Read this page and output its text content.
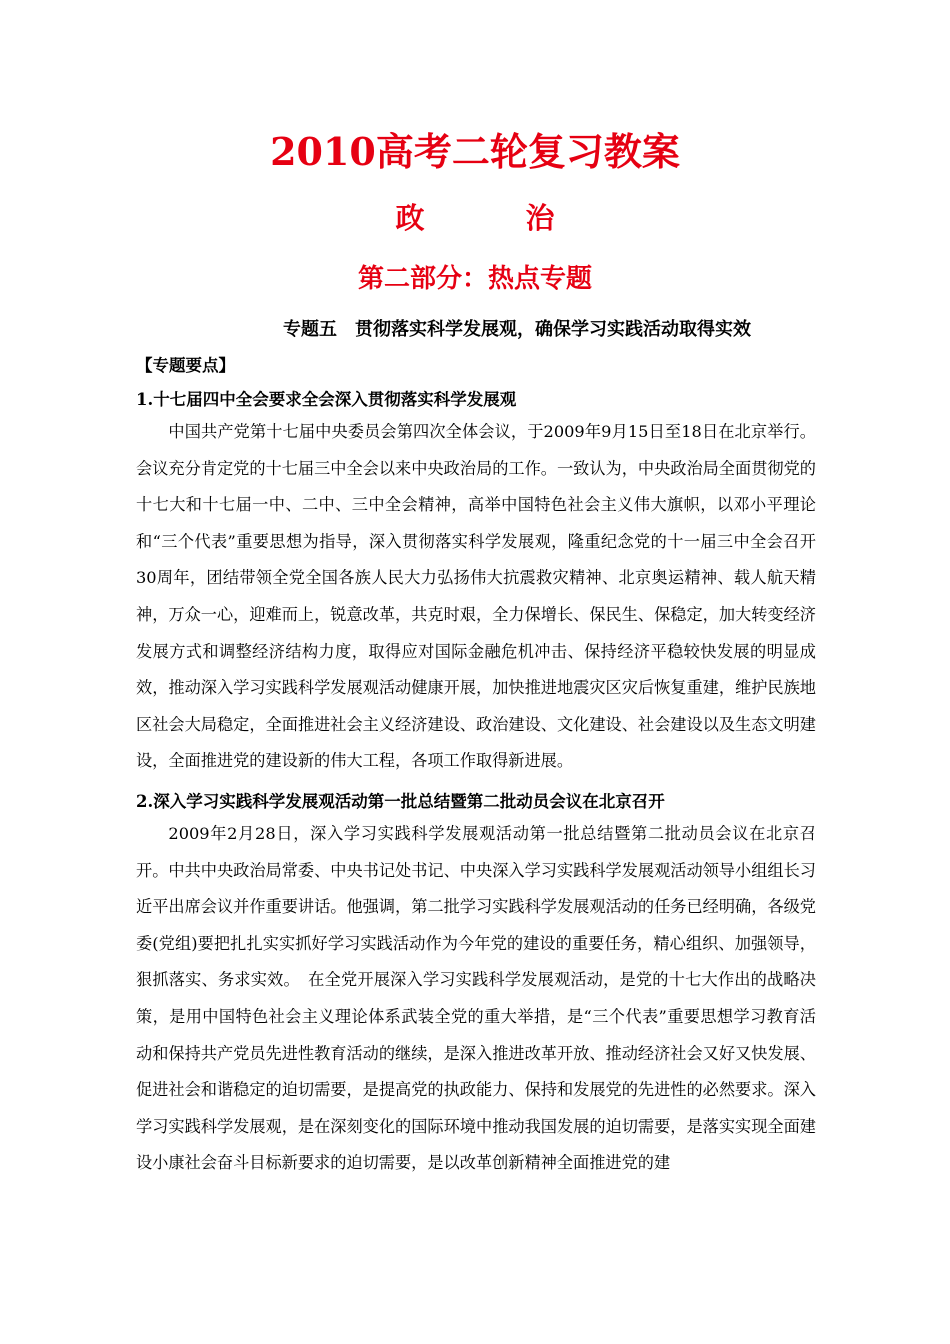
2010高考二轮复习教案
政　治
第二部分：热点专题
专题五　贯彻落实科学发展观，确保学习实践活动取得实效
【专题要点】
1.十七届四中全会要求全会深入贯彻落实科学发展观

中国共产党第十七届中央委员会第四次全体会议，于2009年9月15日至18日在北京举行。会议充分肯定党的十七届三中全会以来中央政治局的工作。一致认为，中央政治局全面贯彻党的十七大和十七届一中、二中、三中全会精神，高举中国特色社会主义伟大旗帜，以邓小平理论和“三个代表”重要思想为指导，深入贯彻落实科学发展观，隆重纪念党的十一届三中全会召开30周年，团结带领全党全国各族人民大力弘扬伟大抗震救灾精神、北京奥运精神、载人航天精神，万众一心，迎难而上，锐意改革，共克时艰，全力保增长、保民生、保稳定，加大转变经济发展方式和调整经济结构力度，取得应对国际金融危机冲击、保持经济平稳较快发展的明显成效，推动深入学习实践科学发展观活动健康开展，加快推进地震灾区灾后恢复重建，维护民族地区社会大局稳定，全面推进社会主义经济建设、政治建设、文化建设、社会建设以及生态文明建设，全面推进党的建设新的伟大工程，各项工作取得新进展。

2.深入学习实践科学发展观活动第一批总结暨第二批动员会议在北京召开

2009年2月28日，深入学习实践科学发展观活动第一批总结暨第二批动员会议在北京召开。中共中央政治局常委、中央书记处书记、中央深入学习实践科学发展观活动领导小组组长习近平出席会议并作重要讲话。他强调，第二批学习实践科学发展观活动的任务已经明确，各级党委(党组)要把扎扎实实抓好学习实践活动作为今年党的建设的重要任务，精心组织、加强领导，狠抓落实、务求实效。　在全党开展深入学习实践科学发展观活动，是党的十七大作出的战略决策，是用中国特色社会主义理论体系武装全党的重大举措，是“三个代表”重要思想学习教育活动和保持共产党员先进性教育活动的继续，是深入推进改革开放、推动经济社会又好又快发展、促进社会和谐稳定的迫切需要，是提高党的执政能力、保持和发展党的先进性的必然要求。深入学习实践科学发展观，是在深刻变化的国际环境中推动我国发展的迫切需要，是落实实现全面建设小康社会奋斗目标新要求的迫切需要，是以改革创新精神全面推进党的建
